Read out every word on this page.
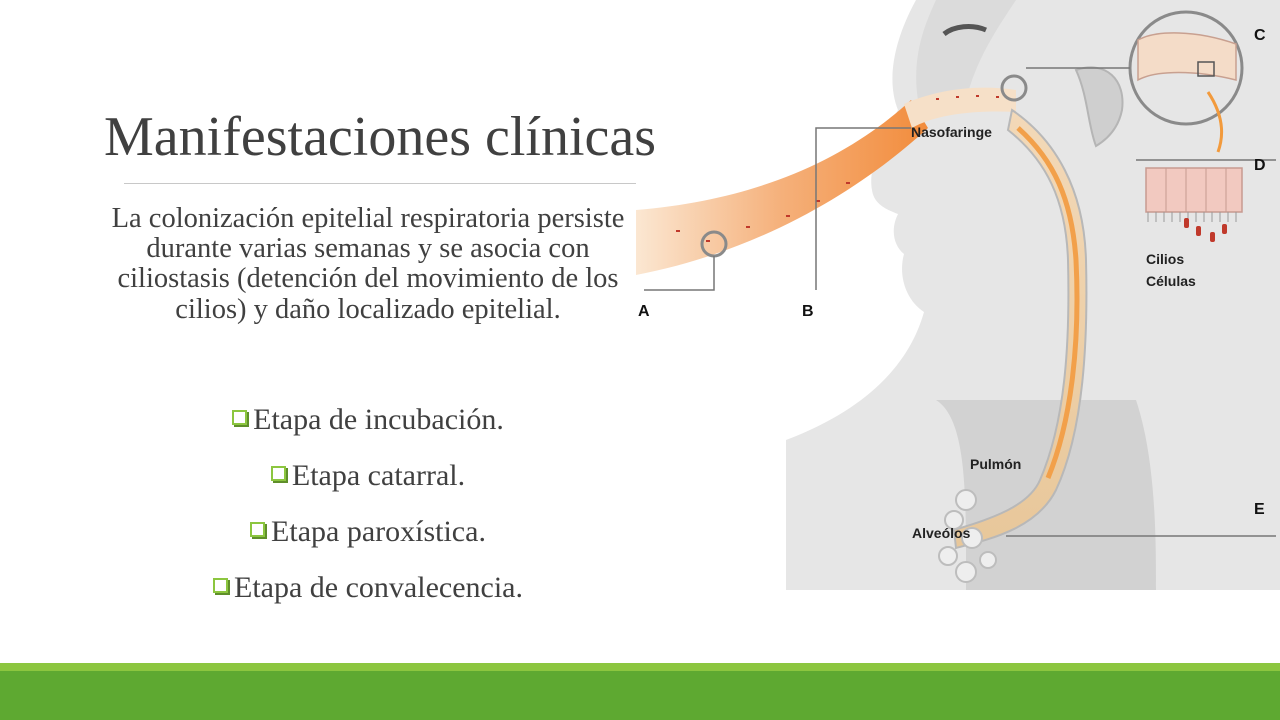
Manifestaciones clínicas

La colonización epitelial respiratoria persiste durante varias semanas y se asocia con ciliostasis (detención del movimiento de los cilios) y daño localizado epitelial.

Etapa de incubación.
Etapa catarral.
Etapa paroxística.
Etapa de convalecencia.
Nasofaringe
Pulmón
Alveólos
Cilios
Células
A	B
C
D
E
